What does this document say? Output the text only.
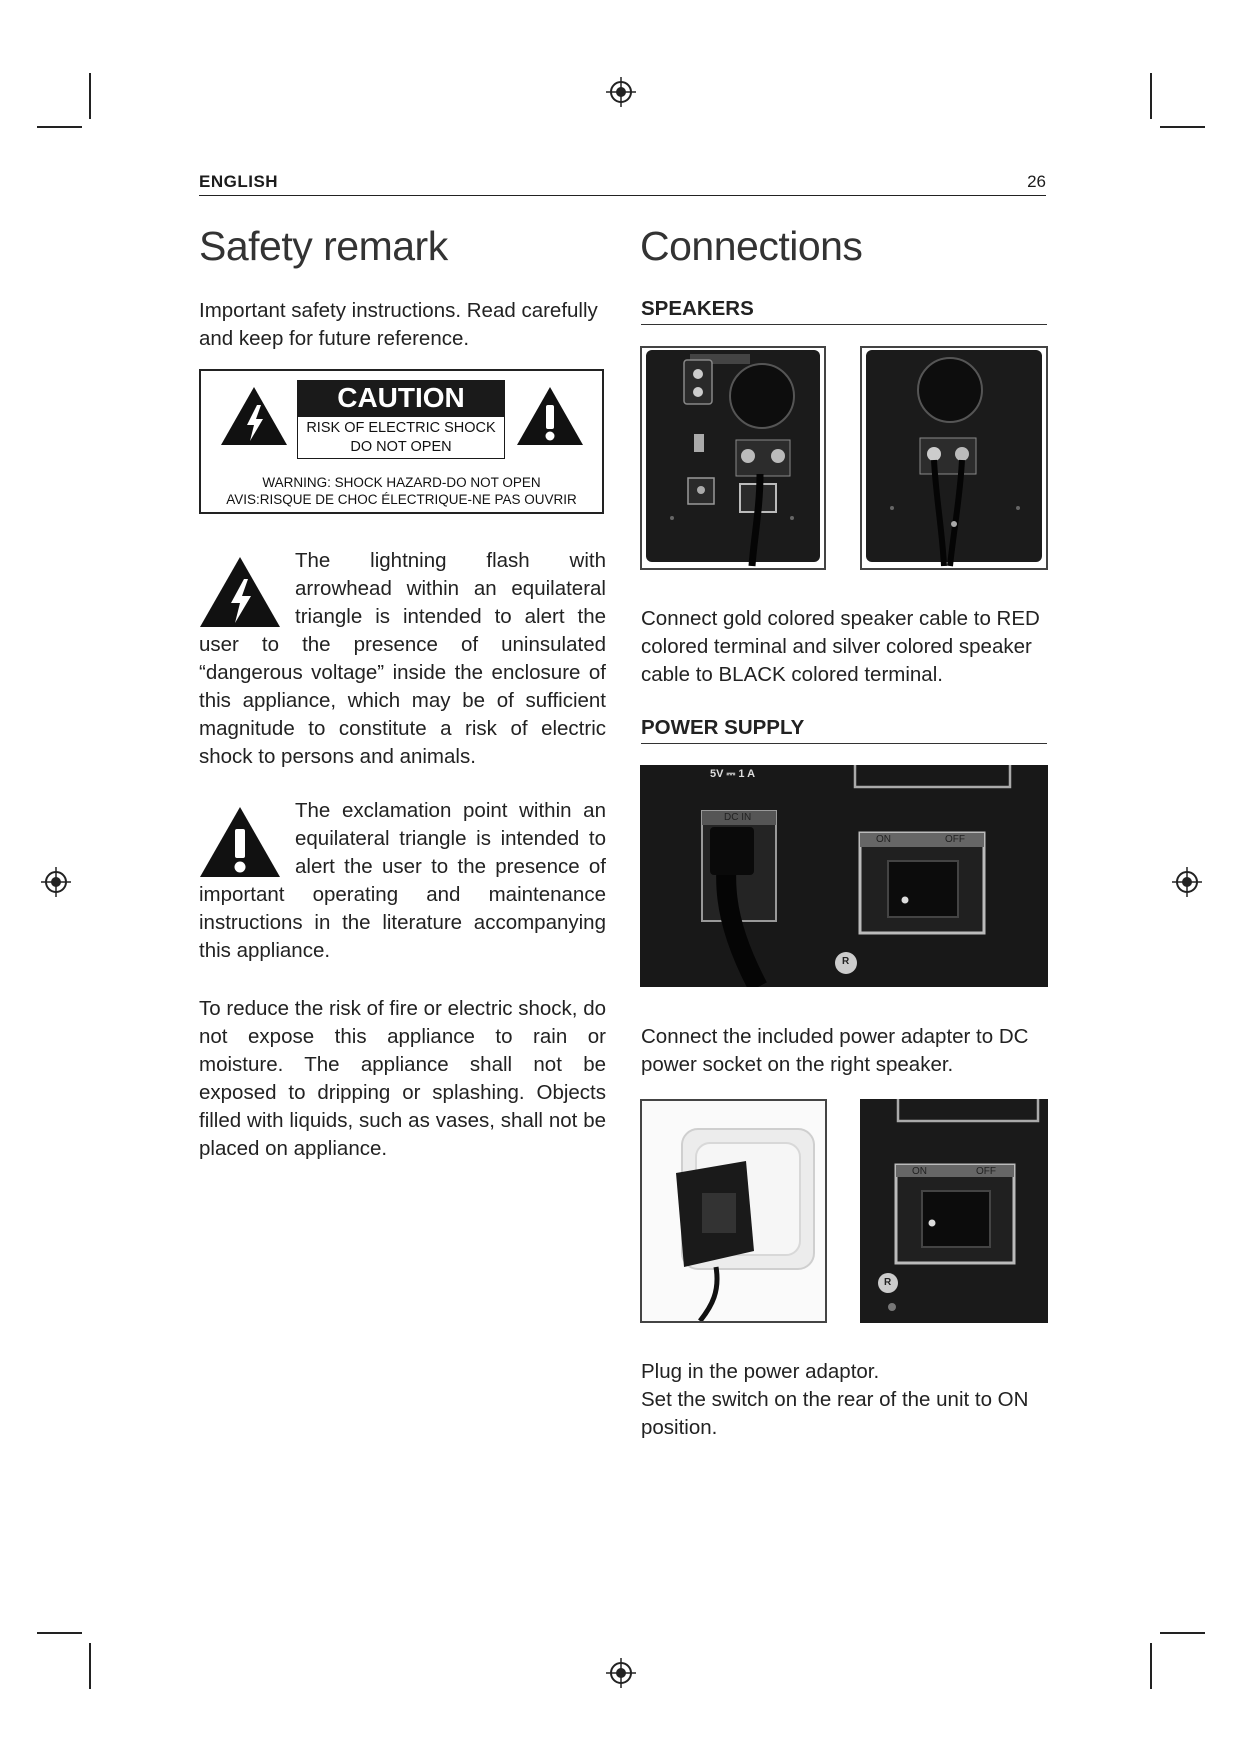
ENGLISH	26
Safety remark

Important safety instructions. Read carefully and keep for future reference.

CAUTION
RISK OF ELECTRIC SHOCK
DO NOT OPEN
WARNING: SHOCK HAZARD-DO NOT OPEN
AVIS:RISQUE DE CHOC ÉLECTRIQUE-NE PAS OUVRIR
The lightning flash with arrowhead within an equilateral triangle is intended to alert the user to the presence of uninsulated “dangerous voltage” inside the enclosure of this appliance, which may be of sufficient magnitude to constitute a risk of electric shock to persons and animals.
The exclamation point within an equilateral triangle is intended to alert the user to the presence of important operating and maintenance instructions in the literature accompanying this appliance.

To reduce the risk of fire or electric shock, do not expose this appliance to rain or moisture. The appliance shall not be exposed to dripping or splashing. Objects filled with liquids, such as vases, shall not be placed on appliance.

Connections
SPEAKERS

Connect gold colored speaker cable to RED colored terminal and silver colored speaker cable to BLACK colored terminal.

POWER SUPPLY
5V ⎓ 1 A
DC IN
ON	OFF
R

Connect the included power adapter to DC power socket on the right speaker.

ON	OFF
R

Plug in the power adaptor.

Set the switch on the rear of the unit to ON position.
